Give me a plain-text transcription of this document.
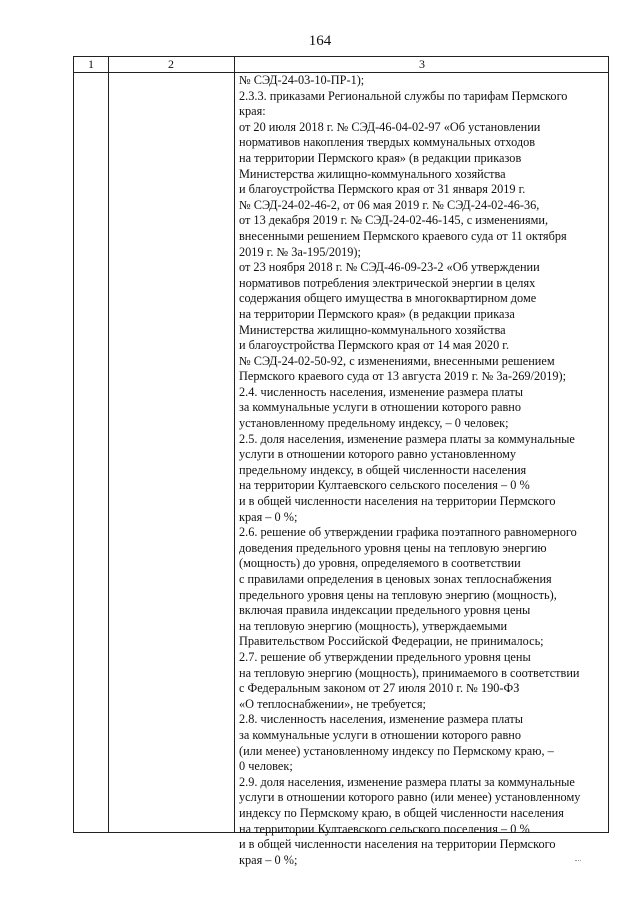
164
1	2	3
№ СЭД-24-03-10-ПР-1);
2.3.3. приказами Региональной службы по тарифам Пермского
края:
от 20 июля 2018 г. № СЭД-46-04-02-97 «Об установлении
нормативов накопления твердых коммунальных отходов
на территории Пермского края» (в редакции приказов
Министерства жилищно-коммунального хозяйства
и благоустройства Пермского края от 31 января 2019 г.
№ СЭД-24-02-46-2, от 06 мая 2019 г. № СЭД-24-02-46-36,
от 13 декабря 2019 г. № СЭД-24-02-46-145, с изменениями,
внесенными решением Пермского краевого суда от 11 октября
2019 г. № 3а-195/2019);
от 23 ноября 2018 г. № СЭД-46-09-23-2 «Об утверждении
нормативов потребления электрической энергии в целях
содержания общего имущества в многоквартирном доме
на территории Пермского края» (в редакции приказа
Министерства жилищно-коммунального хозяйства
и благоустройства Пермского края от 14 мая 2020 г.
№ СЭД-24-02-50-92, с изменениями, внесенными решением
Пермского краевого суда от 13 августа 2019 г. № 3а-269/2019);
2.4. численность населения, изменение размера платы
за коммунальные услуги в отношении которого равно
установленному предельному индексу, – 0 человек;
2.5. доля населения, изменение размера платы за коммунальные
услуги в отношении которого равно установленному
предельному индексу, в общей численности населения
на территории Култаевского сельского поселения – 0 %
и в общей численности населения на территории Пермского
края – 0 %;
2.6. решение об утверждении графика поэтапного равномерного
доведения предельного уровня цены на тепловую энергию
(мощность) до уровня, определяемого в соответствии
с правилами определения в ценовых зонах теплоснабжения
предельного уровня цены на тепловую энергию (мощность),
включая правила индексации предельного уровня цены
на тепловую энергию (мощность), утверждаемыми
Правительством Российской Федерации, не принималось;
2.7. решение об утверждении предельного уровня цены
на тепловую энергию (мощность), принимаемого в соответствии
с Федеральным законом от 27 июля 2010 г. № 190-ФЗ
«О теплоснабжении», не требуется;
2.8. численность населения, изменение размера платы
за коммунальные услуги в отношении которого равно
(или менее) установленному индексу по Пермскому краю, –
0 человек;
2.9. доля населения, изменение размера платы за коммунальные
услуги в отношении которого равно (или менее) установленному
индексу по Пермскому краю, в общей численности населения
на территории Култаевского сельского поселения – 0 %
и в общей численности населения на территории Пермского
края – 0 %;
